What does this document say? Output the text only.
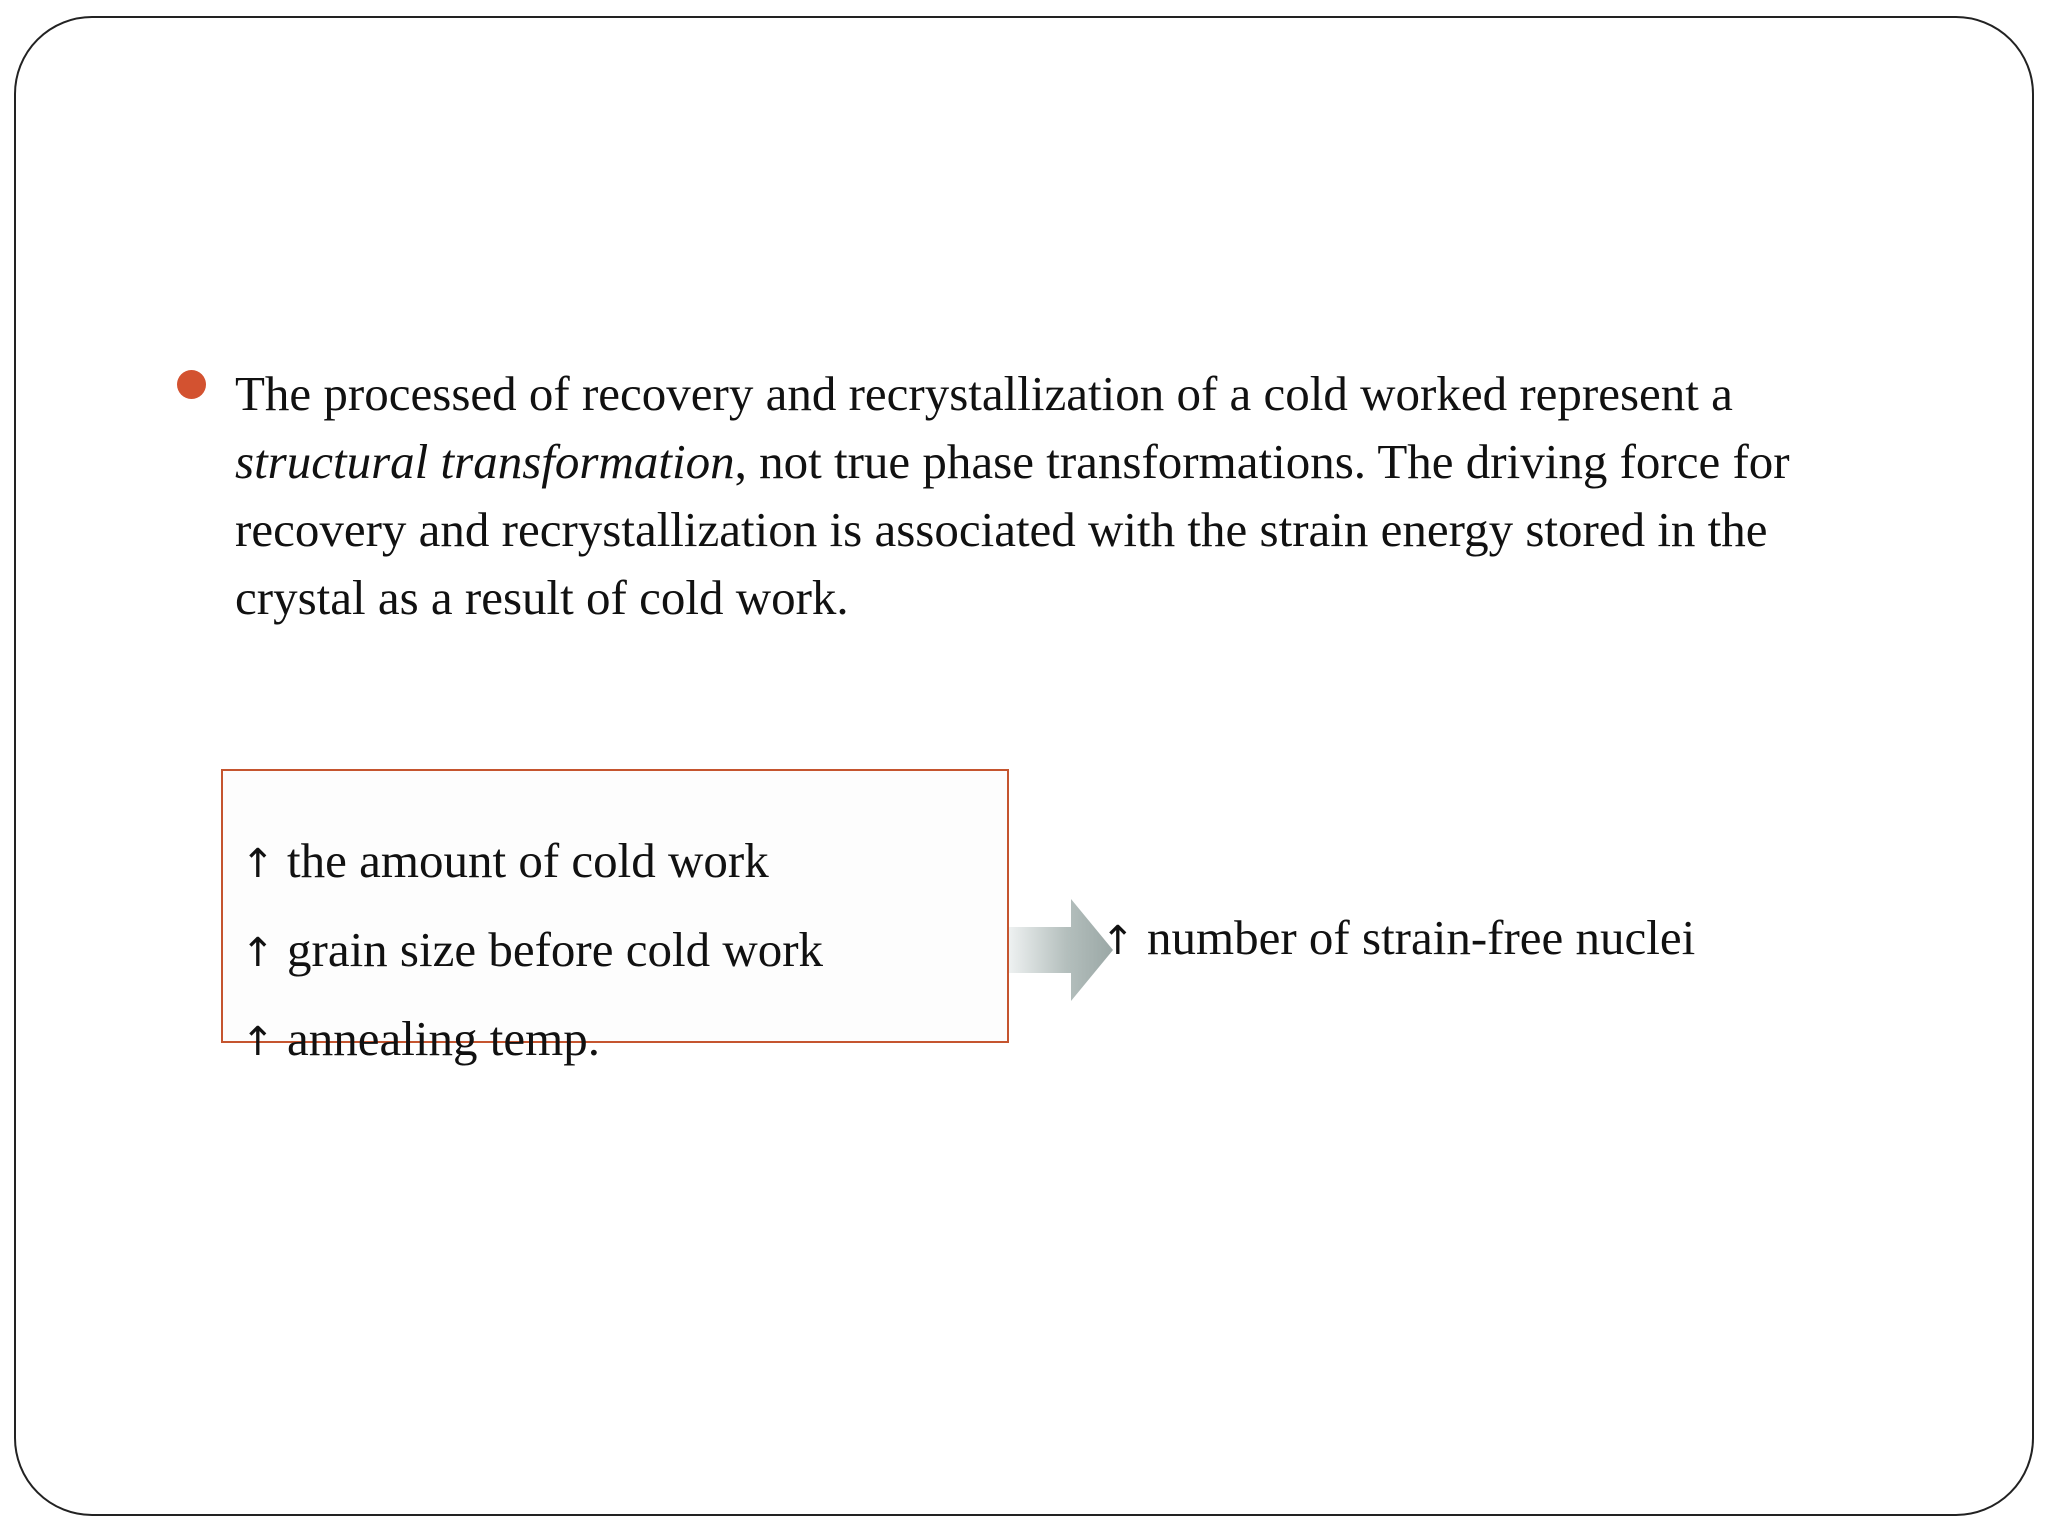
The processed of recovery and recrystallization of a cold worked represent a structural transformation, not true phase transformations. The driving force for recovery and recrystallization is associated with the strain energy stored in the crystal as a result of cold work.
↑ the amount of cold work
↑ grain size before cold work
↑ annealing temp.
↑ number of strain-free nuclei
